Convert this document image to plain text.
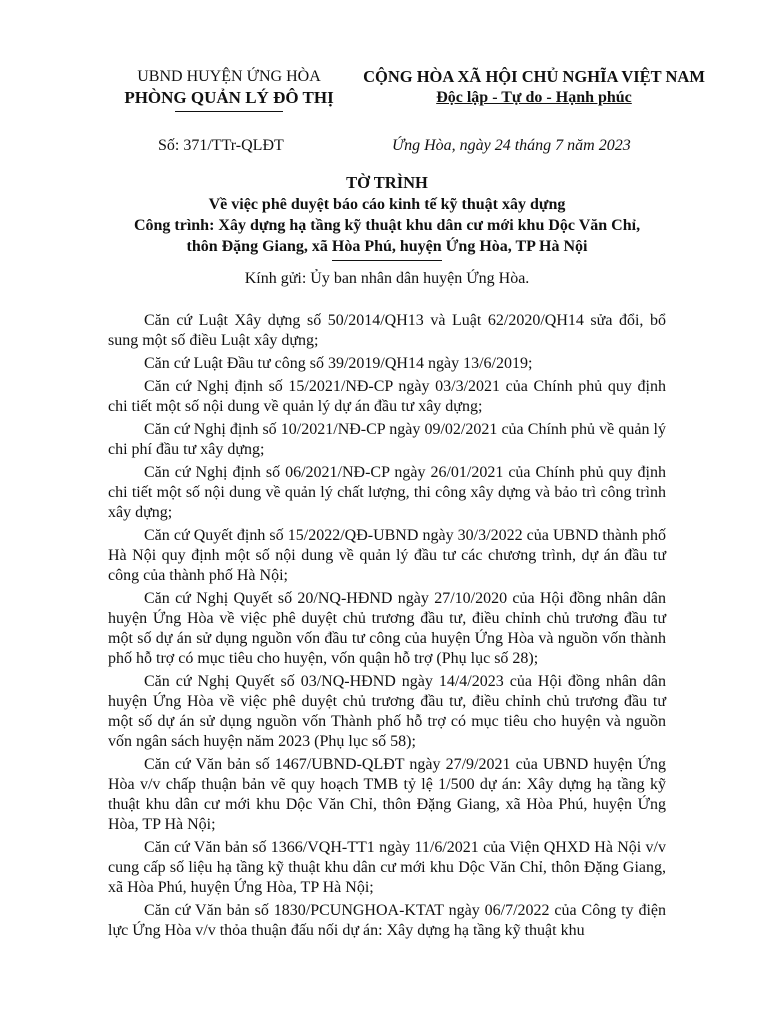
UBND HUYỆN ỨNG HÒA
PHÒNG QUẢN LÝ ĐÔ THỊ
CỘNG HÒA XÃ HỘI CHỦ NGHĨA VIỆT NAM
Độc lập - Tự do - Hạnh phúc
Số: 371/TTr-QLĐT	Ứng Hòa, ngày 24 tháng 7 năm 2023
TỜ TRÌNH
Về việc phê duyệt báo cáo kinh tế kỹ thuật xây dựng
Công trình: Xây dựng hạ tầng kỹ thuật khu dân cư mới khu Dộc Văn Chỉ,
thôn Đặng Giang, xã Hòa Phú, huyện Ứng Hòa, TP Hà Nội
Kính gửi: Ủy ban nhân dân huyện Ứng Hòa.

Căn cứ Luật Xây dựng số 50/2014/QH13 và Luật 62/2020/QH14 sửa đổi, bổ sung một số điều Luật xây dựng;

Căn cứ Luật Đầu tư công số 39/2019/QH14 ngày 13/6/2019;

Căn cứ Nghị định số 15/2021/NĐ-CP ngày 03/3/2021 của Chính phủ quy định chi tiết một số nội dung về quản lý dự án đầu tư xây dựng;

Căn cứ Nghị định số 10/2021/NĐ-CP ngày 09/02/2021 của Chính phủ về quản lý chi phí đầu tư xây dựng;

Căn cứ Nghị định số 06/2021/NĐ-CP ngày 26/01/2021 của Chính phủ quy định chi tiết một số nội dung về quản lý chất lượng, thi công xây dựng và bảo trì công trình xây dựng;

Căn cứ Quyết định số 15/2022/QĐ-UBND ngày 30/3/2022 của UBND thành phố Hà Nội quy định một số nội dung về quản lý đầu tư các chương trình, dự án đầu tư công của thành phố Hà Nội;

Căn cứ Nghị Quyết số 20/NQ-HĐND ngày 27/10/2020 của Hội đồng nhân dân huyện Ứng Hòa về việc phê duyệt chủ trương đầu tư, điều chỉnh chủ trương đầu tư một số dự án sử dụng nguồn vốn đầu tư công của huyện Ứng Hòa và nguồn vốn thành phố hỗ trợ có mục tiêu cho huyện, vốn quận hỗ trợ (Phụ lục số 28);

Căn cứ Nghị Quyết số 03/NQ-HĐND ngày 14/4/2023 của Hội đồng nhân dân huyện Ứng Hòa về việc phê duyệt chủ trương đầu tư, điều chỉnh chủ trương đầu tư một số dự án sử dụng nguồn vốn Thành phố hỗ trợ có mục tiêu cho huyện và nguồn vốn ngân sách huyện năm 2023 (Phụ lục số 58);

Căn cứ Văn bản số 1467/UBND-QLĐT ngày 27/9/2021 của UBND huyện Ứng Hòa v/v chấp thuận bản vẽ quy hoạch TMB tỷ lệ 1/500 dự án: Xây dựng hạ tầng kỹ thuật khu dân cư mới khu Dộc Văn Chỉ, thôn Đặng Giang, xã Hòa Phú, huyện Ứng Hòa, TP Hà Nội;

Căn cứ Văn bản số 1366/VQH-TT1 ngày 11/6/2021 của Viện QHXD Hà Nội v/v cung cấp số liệu hạ tầng kỹ thuật khu dân cư mới khu Dộc Văn Chỉ, thôn Đặng Giang, xã Hòa Phú, huyện Ứng Hòa, TP Hà Nội;

Căn cứ Văn bản số 1830/PCUNGHOA-KTAT ngày 06/7/2022 của Công ty điện lực Ứng Hòa v/v thỏa thuận đấu nối dự án: Xây dựng hạ tầng kỹ thuật khu
